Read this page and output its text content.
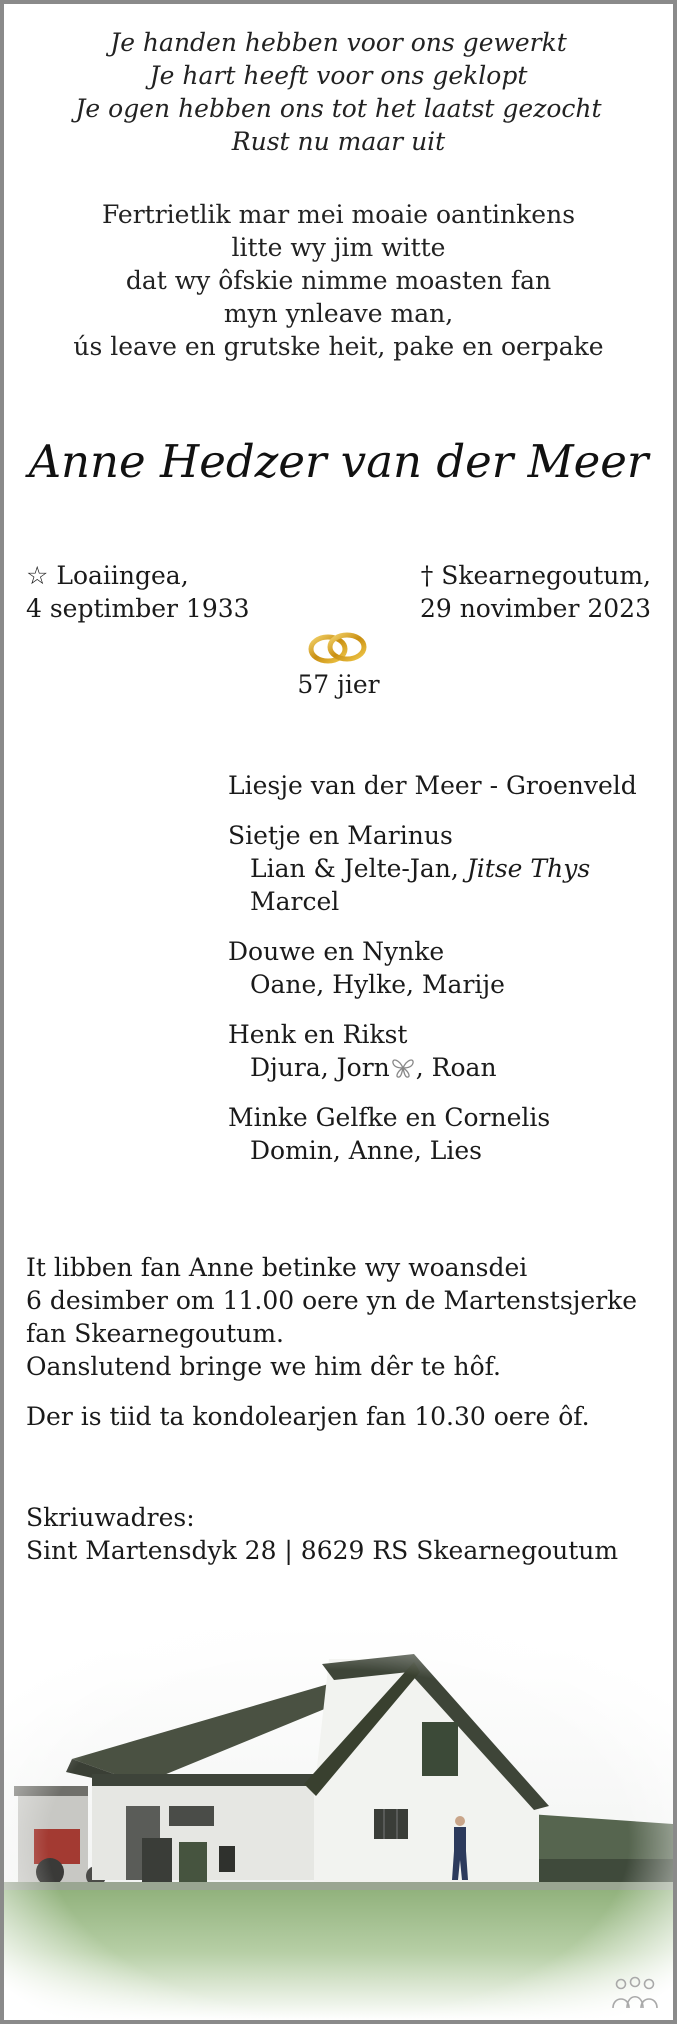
Je handen hebben voor ons gewerkt
Je hart heeft voor ons geklopt
Je ogen hebben ons tot het laatst gezocht
Rust nu maar uit
Fertrietlik mar mei moaie oantinkens
litte wy jim witte
dat wy ôfskie nimme moasten fan
myn ynleave man,
ús leave en grutske heit, pake en oerpake
Anne Hedzer van der Meer
☆ Loaiingea,
4 septimber 1933
† Skearnegoutum,
29 novimber 2023
57 jier
Liesje van der Meer - Groenveld
Sietje en Marinus
Lian & Jelte-Jan, Jitse Thys
Marcel
Douwe en Nynke
Oane, Hylke, Marije
Henk en Rikst
Djura, Jorn , Roan
Minke Gelfke en Cornelis
Domin, Anne, Lies

It libben fan Anne betinke wy woansdei

6 desimber om 11.00 oere yn de Martenstsjerke

fan Skearnegoutum.

Oanslutend bringe we him dêr te hôf.

Der is tiid ta kondolearjen fan 10.30 oere ôf.

Skriuwadres:
Sint Martensdyk 28 | 8629 RS Skearnegoutum
